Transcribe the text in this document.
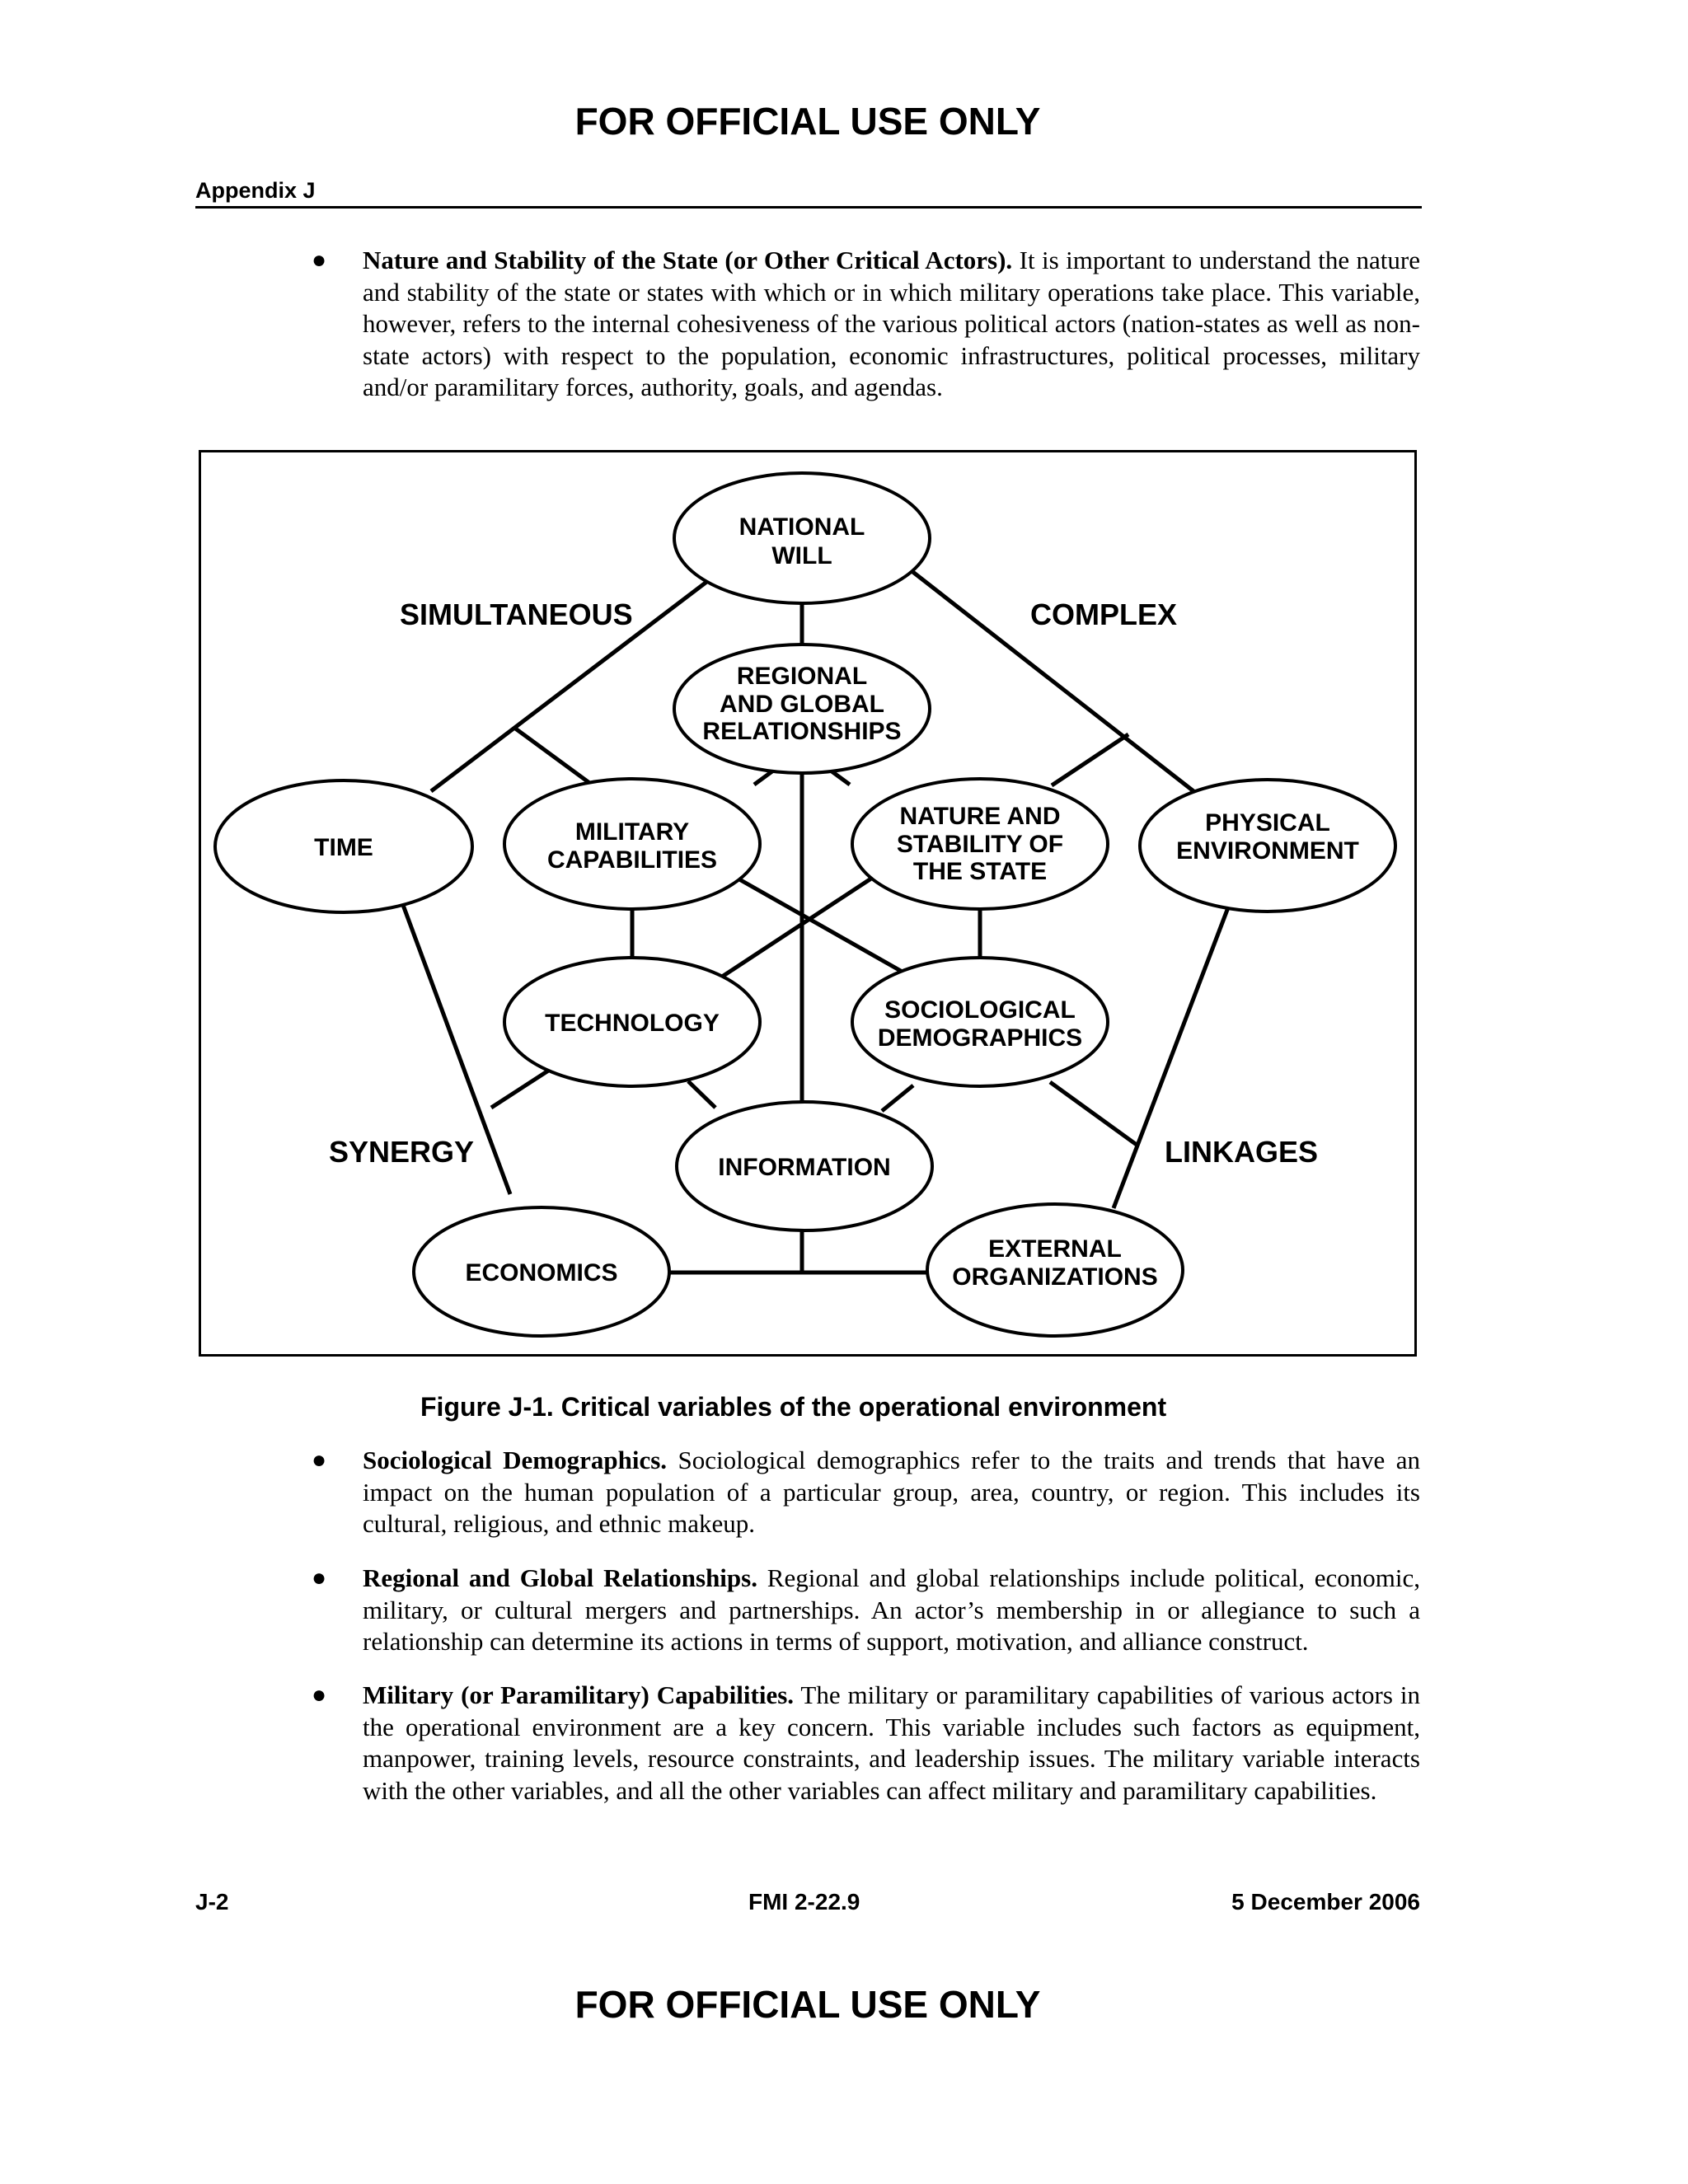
FOR OFFICIAL USE ONLY
Appendix J
● Nature and Stability of the State (or Other Critical Actors). It is important to understand the nature and stability of the state or states with which or in which military operations take place. This variable, however, refers to the internal cohesiveness of the various political actors (nation-states as well as non-state actors) with respect to the population, economic infrastructures, political processes, military and/or paramilitary forces, authority, goals, and agendas.
NATIONAL
WILL
REGIONAL
AND GLOBAL
RELATIONSHIPS
TIME
MILITARY
CAPABILITIES
NATURE AND
STABILITY OF
THE STATE
PHYSICAL
ENVIRONMENT
TECHNOLOGY	SOCIOLOGICAL
DEMOGRAPHICS
INFORMATION
ECONOMICS
EXTERNAL
ORGANIZATIONS
SIMULTANEOUS	COMPLEX
SYNERGY	LINKAGES
Figure J-1. Critical variables of the operational environment
● Sociological Demographics. Sociological demographics refer to the traits and trends that have an impact on the human population of a particular group, area, country, or region. This includes its cultural, religious, and ethnic makeup.
● Regional and Global Relationships. Regional and global relationships include political, economic, military, or cultural mergers and partnerships. An actor’s membership in or allegiance to such a relationship can determine its actions in terms of support, motivation, and alliance construct.
● Military (or Paramilitary) Capabilities. The military or paramilitary capabilities of various actors in the operational environment are a key concern. This variable includes such factors as equipment, manpower, training levels, resource constraints, and leadership issues. The military variable interacts with the other variables, and all the other variables can affect military and paramilitary capabilities.
J-2	FMI 2-22.9	5 December 2006
FOR OFFICIAL USE ONLY
